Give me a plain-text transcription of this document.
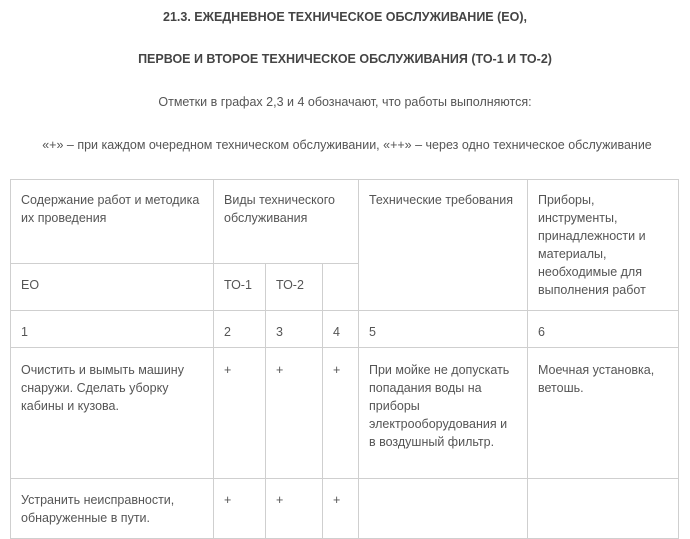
21.3. ЕЖЕДНЕВНОЕ ТЕХНИЧЕСКОЕ ОБСЛУЖИВАНИЕ (ЕО),
ПЕРВОЕ И ВТОРОЕ ТЕХНИЧЕСКОЕ ОБСЛУЖИВАНИЯ (ТО-1 И ТО-2)
Отметки в графах 2,3 и 4 обозначают, что работы выполняются:
«+» – при каждом очередном техническом обслуживании, «++» – через одно техническое обслуживание
Содержание работ и методика их проведения	Виды технического обслуживания			Технические требования	Приборы, инструменты, принадлежности и материалы, необходимые для выполнения работ
ЕО	ТО-1	ТО-2			
1	2	3	4	5	6
Очистить и вымыть машину снаружи. Сделать уборку кабины и кузова.	+	+	+	При мойке не допускать попадания воды на приборы электрооборудования и в воздушный фильтр.	Моечная установка, ветошь.
Устранить неисправности, обнаруженные в пути.	+	+	+		
